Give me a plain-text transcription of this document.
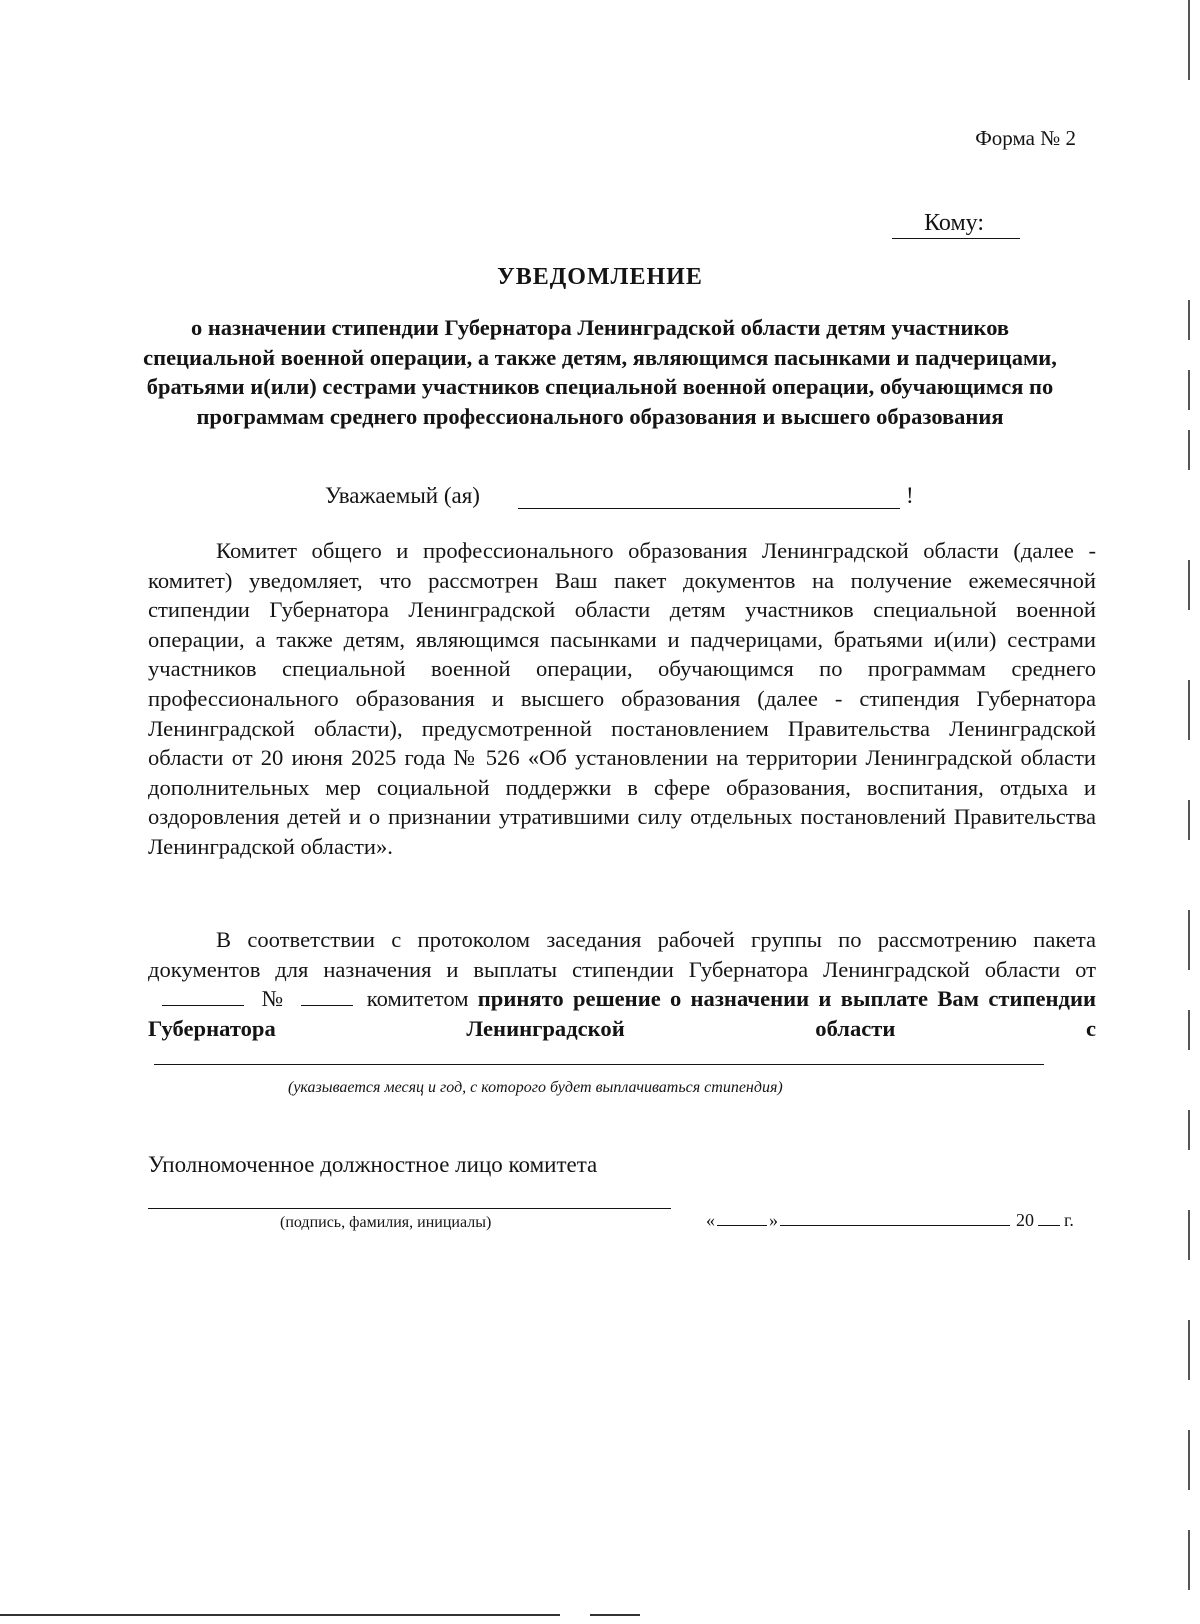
Форма № 2
Кому:
УВЕДОМЛЕНИЕ
о назначении стипендии Губернатора Ленинградской области детям участников специальной военной операции, а также детям, являющимся пасынками и падчерицами, братьями и(или) сестрами участников специальной военной операции, обучающимся по программам среднего профессионального образования и высшего образования
Уважаемый (ая)	!
Комитет общего и профессионального образования Ленинградской области (далее - комитет) уведомляет, что рассмотрен Ваш пакет документов на получение ежемесячной стипендии Губернатора Ленинградской области детям участников специальной военной операции, а также детям, являющимся пасынками и падчерицами, братьями и(или) сестрами участников специальной военной операции, обучающимся по программам среднего профессионального образования и высшего образования (далее - стипендия Губернатора Ленинградской области), предусмотренной постановлением Правительства Ленинградской области от 20 июня 2025 года № 526 «Об установлении на территории Ленинградской области дополнительных мер социальной поддержки в сфере образования, воспитания, отдыха и оздоровления детей и о признании утратившими силу отдельных постановлений Правительства Ленинградской области».
В соответствии с протоколом заседания рабочей группы по рассмотрению пакета документов для назначения и выплаты стипендии Губернатора Ленинградской области от№	комитетом принято решение о назначении и выплате Вам стипендии Губернатора Ленинградской области с
(указывается месяц и год, с которого будет выплачиваться стипендия)
Уполномоченное должностное лицо комитета
(подпись, фамилия, инициалы)	«	»	20 г.
